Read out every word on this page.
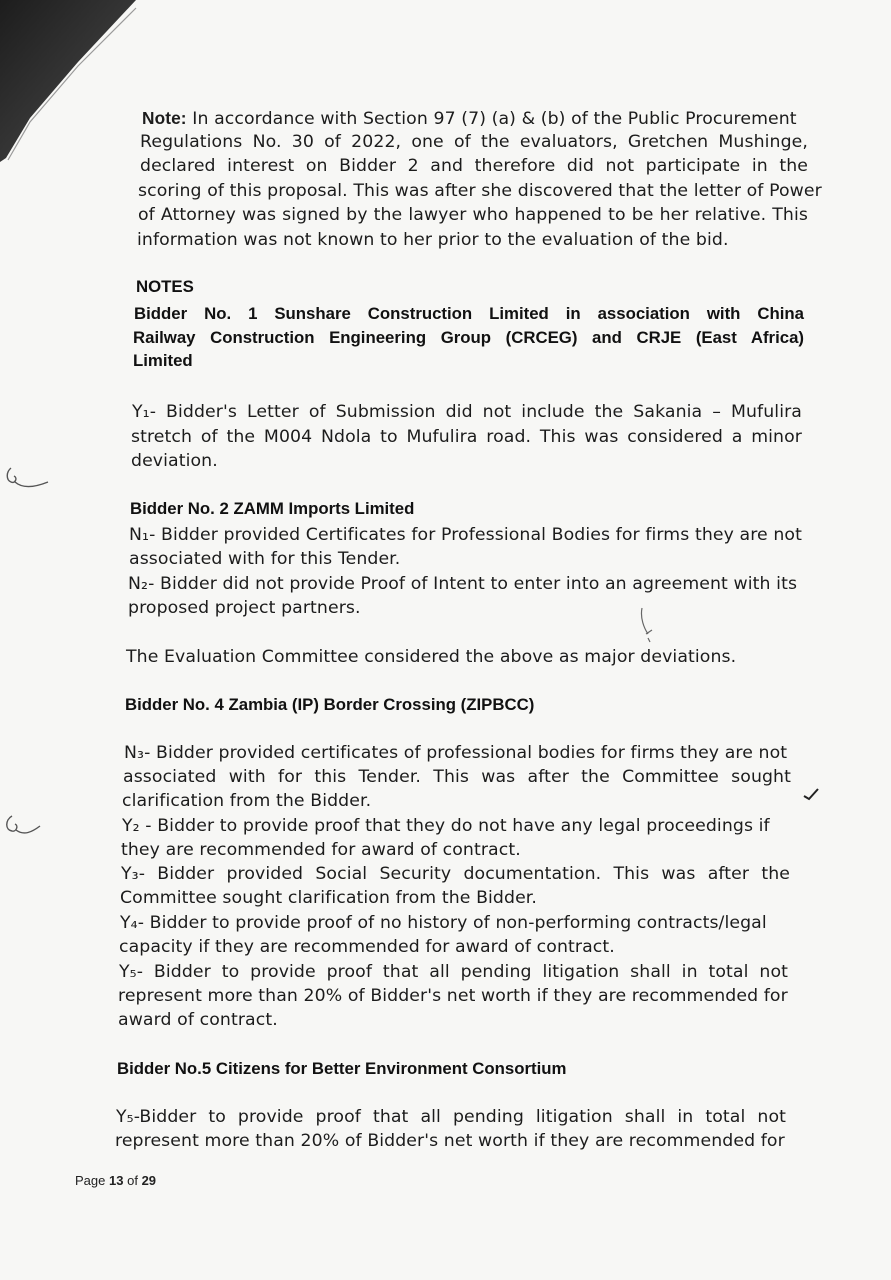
Note: In accordance with Section 97 (7) (a) & (b) of the Public Procurement
Regulations No. 30 of 2022, one of the evaluators, Gretchen Mushinge,
declared interest on Bidder 2 and therefore did not participate in the
scoring of this proposal. This was after she discovered that the letter of Power
of Attorney was signed by the lawyer who happened to be her relative. This
information was not known to her prior to the evaluation of the bid.
NOTES
Bidder No. 1 Sunshare Construction Limited in association with China
Railway Construction Engineering Group (CRCEG) and CRJE (East Africa)
Limited
Y₁- Bidder's Letter of Submission did not include the Sakania – Mufulira
stretch of the M004 Ndola to Mufulira road. This was considered a minor
deviation.
Bidder No. 2 ZAMM Imports Limited
N₁- Bidder provided Certificates for Professional Bodies for firms they are not
associated with for this Tender.
N₂- Bidder did not provide Proof of Intent to enter into an agreement with its
proposed project partners.
The Evaluation Committee considered the above as major deviations.
Bidder No. 4 Zambia (IP) Border Crossing (ZIPBCC)
N₃- Bidder provided certificates of professional bodies for firms they are not
associated with for this Tender. This was after the Committee sought
clarification from the Bidder.
Y₂ - Bidder to provide proof that they do not have any legal proceedings if
they are recommended for award of contract.
Y₃- Bidder provided Social Security documentation. This was after the
Committee sought clarification from the Bidder.
Y₄- Bidder to provide proof of no history of non-performing contracts/legal
capacity if they are recommended for award of contract.
Y₅- Bidder to provide proof that all pending litigation shall in total not
represent more than 20% of Bidder's net worth if they are recommended for
award of contract.
Bidder No.5 Citizens for Better Environment Consortium
Y₅-Bidder to provide proof that all pending litigation shall in total not
represent more than 20% of Bidder's net worth if they are recommended for
Page 13 of 29
